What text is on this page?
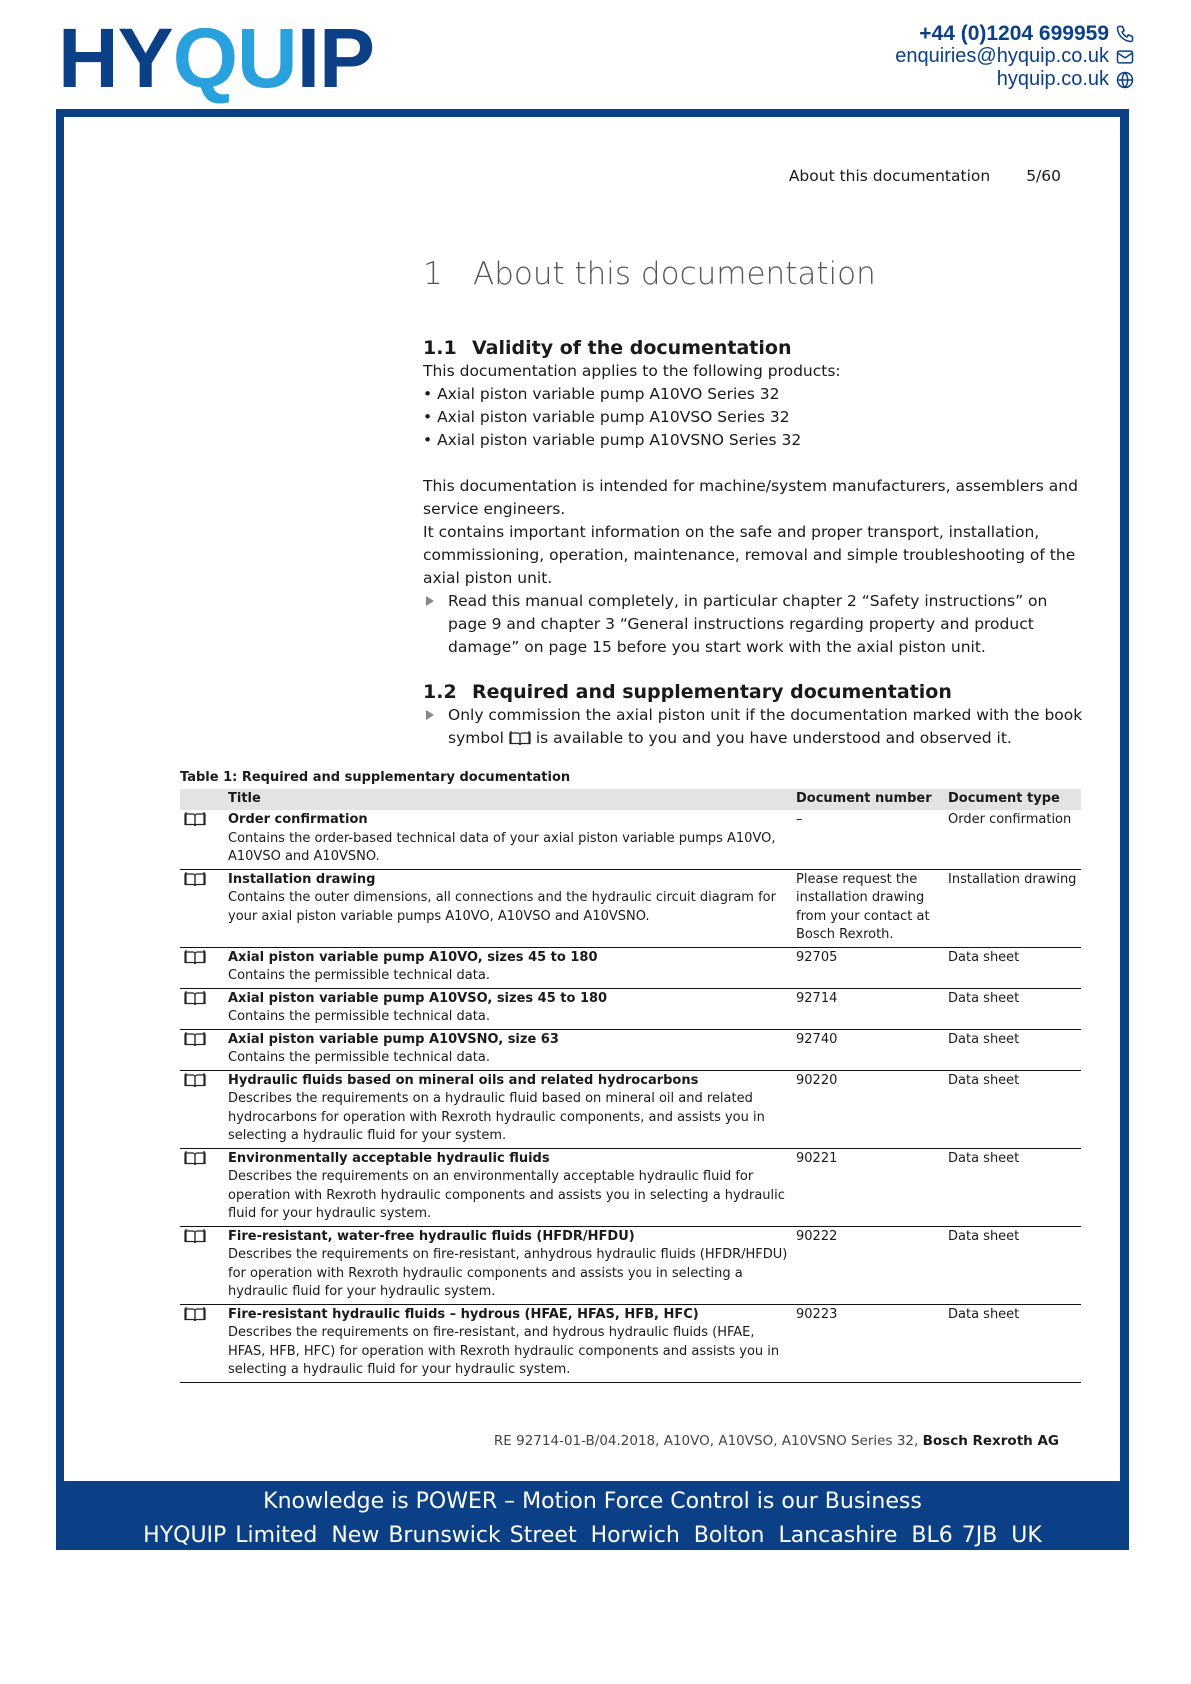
HY QU IP	+44 (0)1204 699959
enquiries@hyquip.co.uk
hyquip.co.uk
About this documentation 5/60
1 About this documentation
1.1 Validity of the documentation
This documentation applies to the following products:
• Axial piston variable pump A10VO Series 32
• Axial piston variable pump A10VSO Series 32
• Axial piston variable pump A10VSNO Series 32
This documentation is intended for machine/system manufacturers, assemblers and service engineers.
It contains important information on the safe and proper transport, installation, commissioning, operation, maintenance, removal and simple troubleshooting of the axial piston unit.
Read this manual completely, in particular chapter 2 “Safety instructions” on page 9 and chapter 3 “General instructions regarding property and product damage” on page 15 before you start work with the axial piston unit.
1.2 Required and supplementary documentation
Only commission the axial piston unit if the documentation marked with the book symbol is available to you and you have understood and observed it.
Table 1: Required and supplementary documentation
	Title	Document number	Document type

Order confirmation
Contains the order-based technical data of your axial piston variable pumps A10VO, A10VSO and A10VSNO.	–	Order confirmation

Installation drawing
Contains the outer dimensions, all connections and the hydraulic circuit diagram for your axial piston variable pumps A10VO, A10VSO and A10VSNO.	Please request the installation drawing from your contact at Bosch Rexroth.	Installation drawing

Axial piston variable pump A10VO, sizes 45 to 180
Contains the permissible technical data.	92705	Data sheet

Axial piston variable pump A10VSO, sizes 45 to 180
Contains the permissible technical data.	92714	Data sheet

Axial piston variable pump A10VSNO, size 63
Contains the permissible technical data.	92740	Data sheet

Hydraulic fluids based on mineral oils and related hydrocarbons
Describes the requirements on a hydraulic fluid based on mineral oil and related hydrocarbons for operation with Rexroth hydraulic components, and assists you in selecting a hydraulic fluid for your system.	90220	Data sheet

Environmentally acceptable hydraulic fluids
Describes the requirements on an environmentally acceptable hydraulic fluid for operation with Rexroth hydraulic components and assists you in selecting a hydraulic fluid for your hydraulic system.	90221	Data sheet

Fire-resistant, water-free hydraulic fluids (HFDR/HFDU)
Describes the requirements on fire-resistant, anhydrous hydraulic fluids (HFDR/HFDU) for operation with Rexroth hydraulic components and assists you in selecting a hydraulic fluid for your hydraulic system.	90222	Data sheet

Fire-resistant hydraulic fluids – hydrous (HFAE, HFAS, HFB, HFC)
Describes the requirements on fire-resistant, and hydrous hydraulic fluids (HFAE, HFAS, HFB, HFC) for operation with Rexroth hydraulic components and assists you in selecting a hydraulic fluid for your hydraulic system.	90223	Data sheet
RE 92714-01-B/04.2018, A10VO, A10VSO, A10VSNO Series 32, Bosch Rexroth AG
Knowledge is POWER – Motion Force Control is our Business
HYQUIP Limited New Brunswick Street Horwich Bolton Lancashire BL6 7JB UK
